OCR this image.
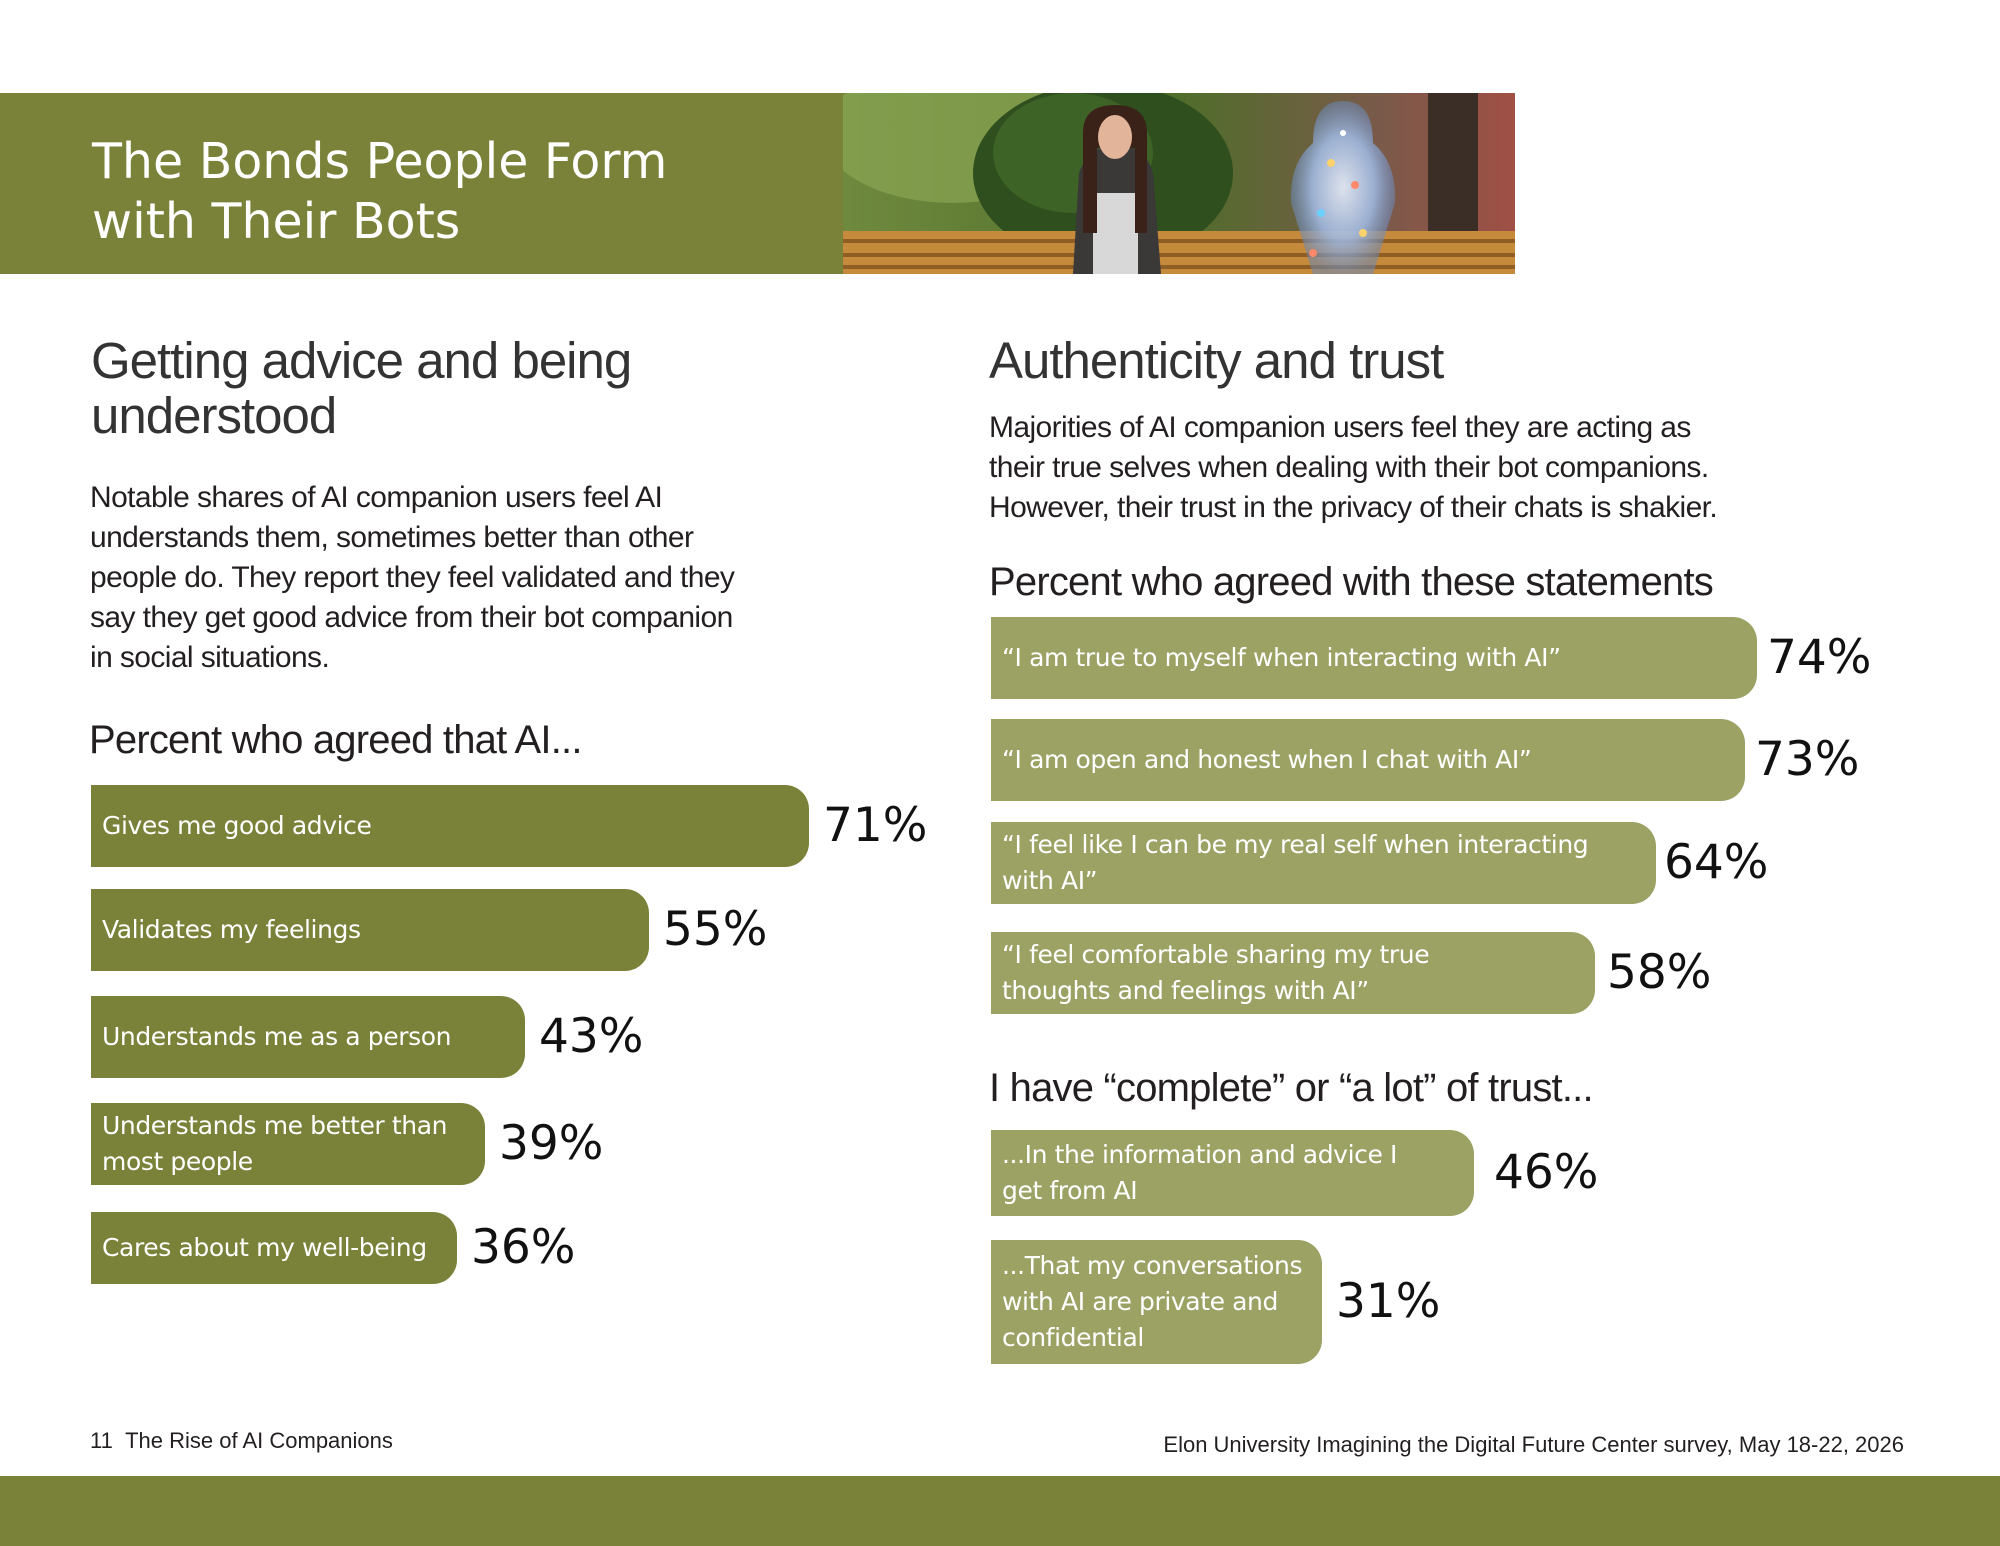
The Bonds People Form
with Their Bots
Getting advice and being
understood
Notable shares of AI companion users feel AI understands them, sometimes better than other people do. They report they feel validated and they say they get good advice from their bot companion in social situations.
Percent who agreed that AI...
Authenticity and trust
Majorities of AI companion users feel they are acting as their true selves when dealing with their bot companions. However, their trust in the privacy of their chats is shakier.
Percent who agreed with these statements
I have “complete” or “a lot” of trust...
Gives me good advice	71%
Validates my feelings	55%
Understands me as a person 43%
Understands me better than
most people	39%
Cares about my well-being 36%
“I am true to myself when interacting with AI”	74%
“I am open and honest when I chat with AI”	73%
“I feel like I can be my real self when interacting with AI”	64%
“I feel comfortable sharing my true
thoughts and feelings with AI”	58%
...In the information and advice I
get from AI	46%
...That my conversations
with AI are private and
confidential
31%
11 The Rise of AI Companions	Elon University Imagining the Digital Future Center survey, May 18-22, 2026
